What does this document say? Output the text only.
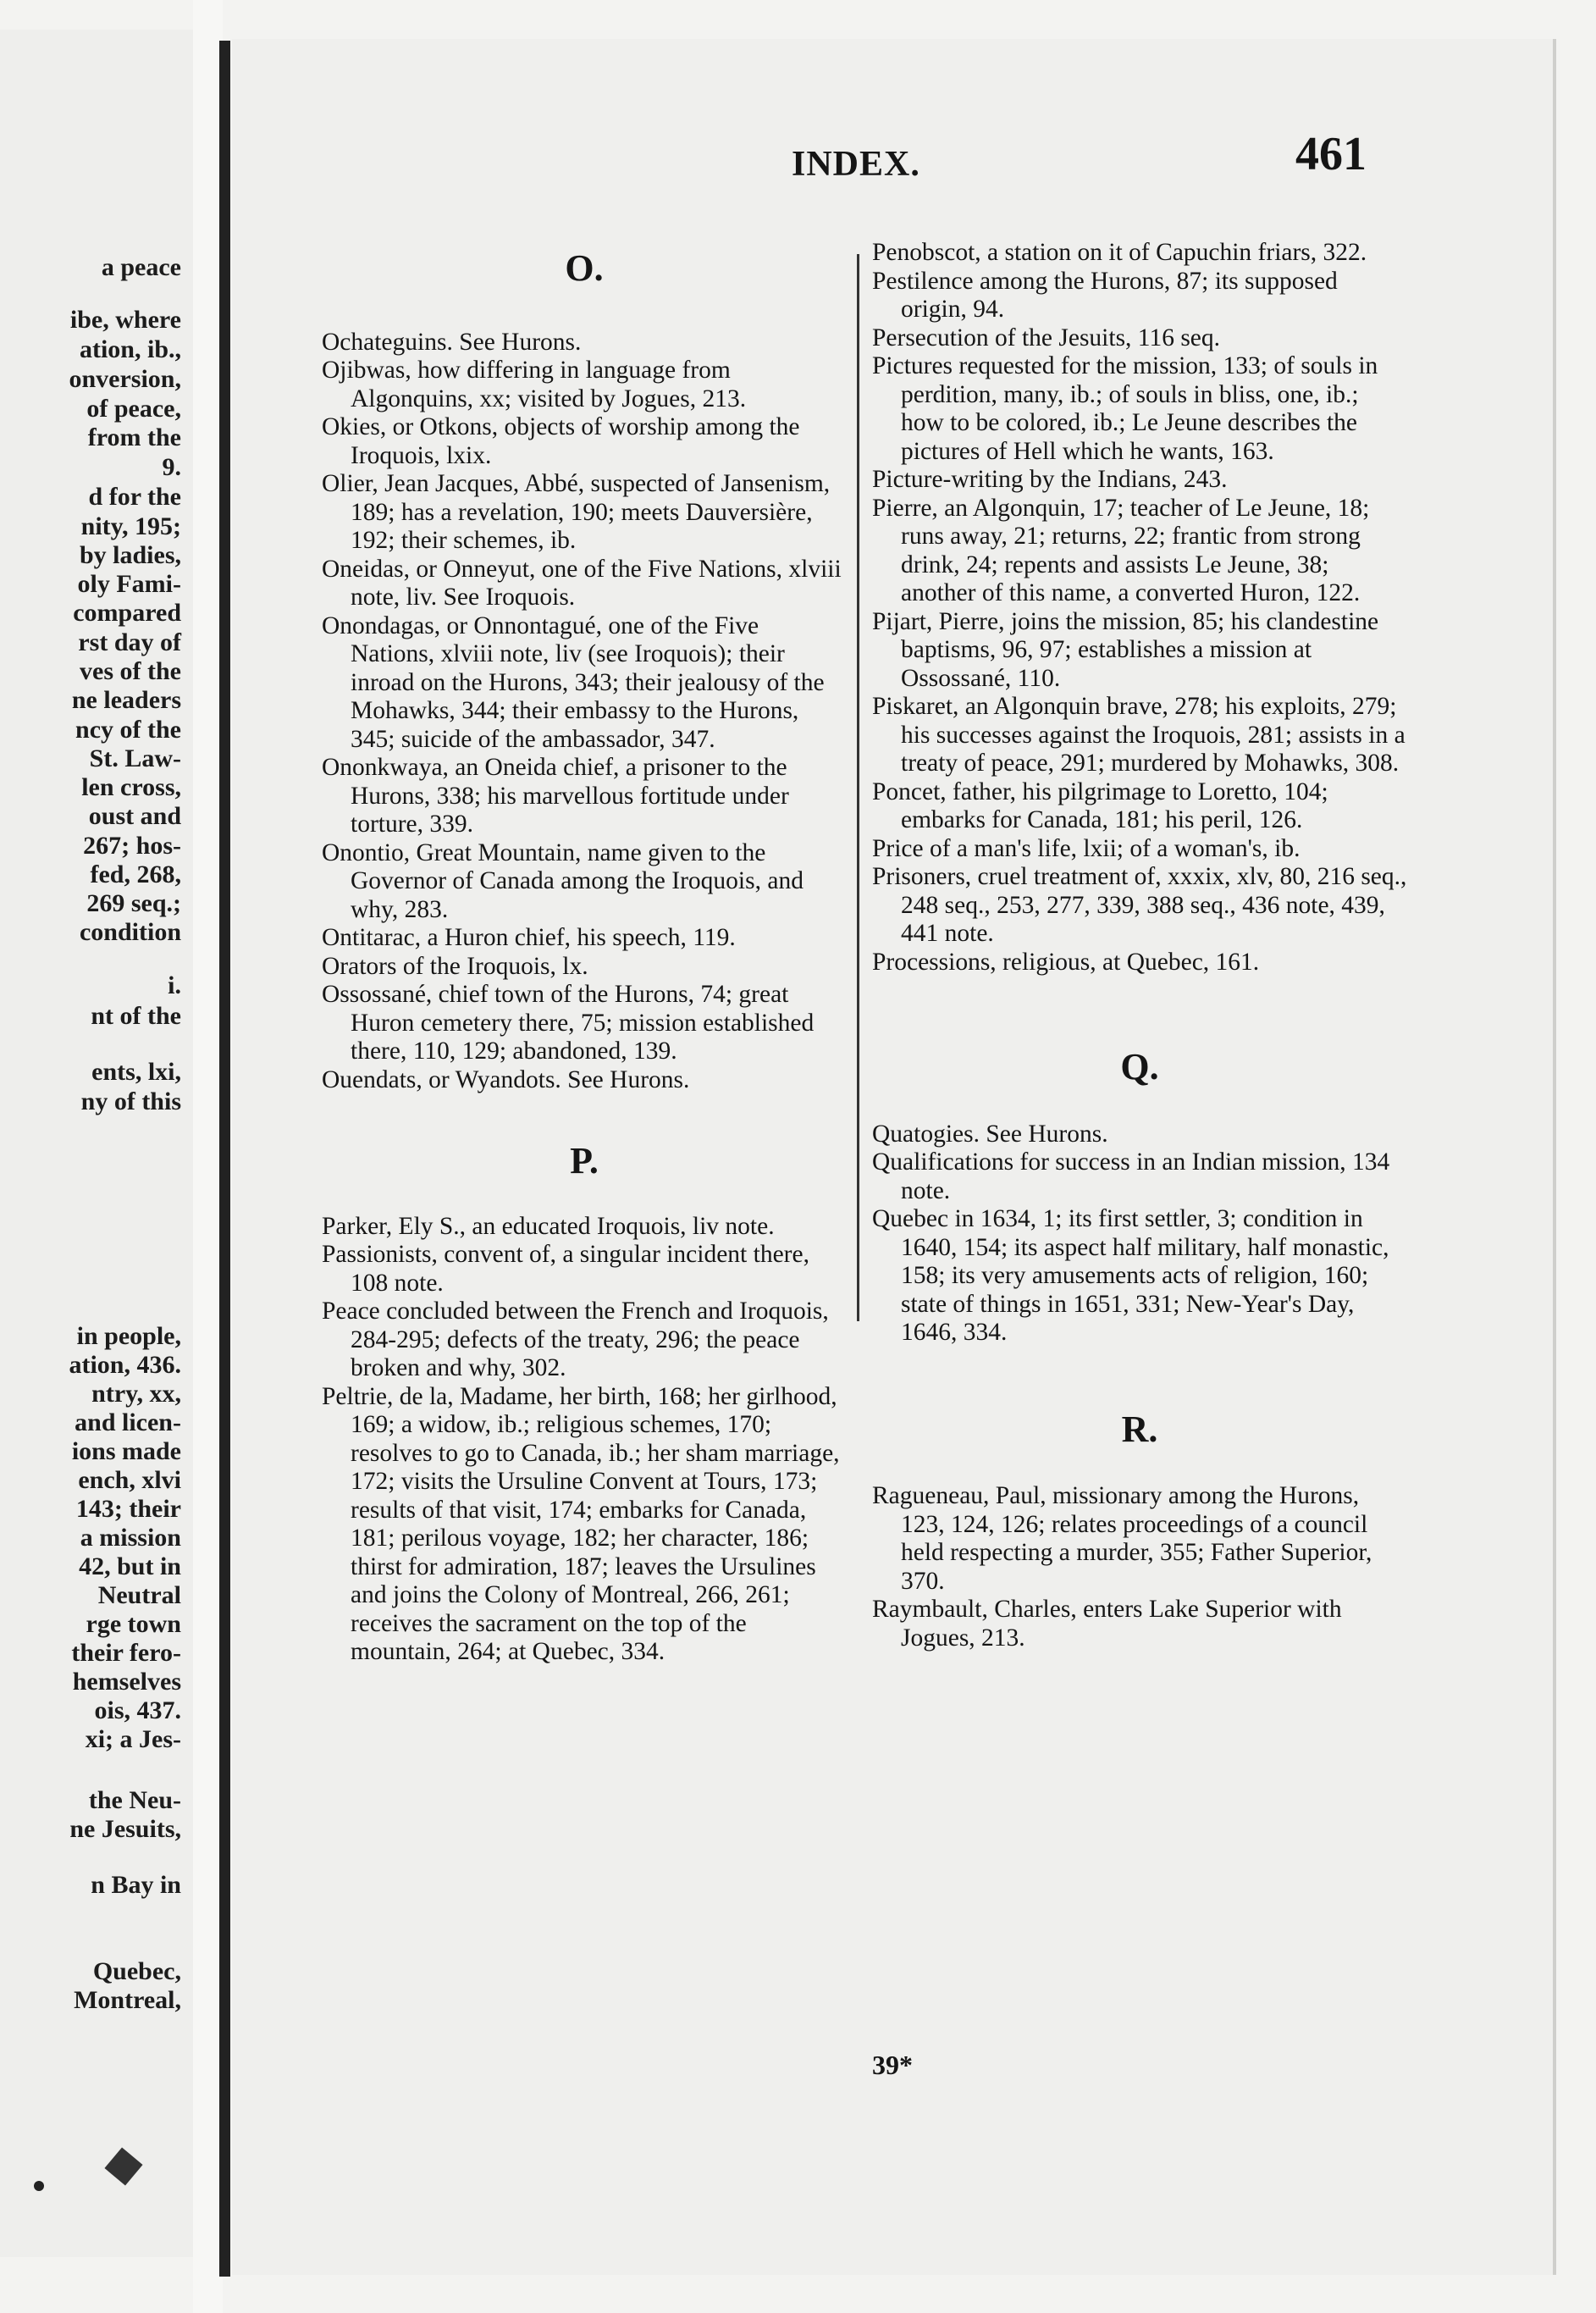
a peace
ibe, where
ation, ib.,
onversion,
of peace,
from the
9.
d for the
nity, 195;
by ladies,
oly Fami-
compared
rst day of
ves of the
ne leaders
ncy of the
St. Law-
len cross,
oust and
267; hos-
fed, 268,
269 seq.;
condition
i.
nt of the
ents, lxi,
ny of this
in people,
ation, 436.
ntry, xx,
and licen-
ions made
ench, xlvi
143; their
a mission
42, but in
Neutral
rge town
their fero-
hemselves
ois, 437.
xi; a Jes-
the Neu-
ne Jesuits,
n Bay in
Quebec,
Montreal,
INDEX.	461
O.

Ochateguins. See Hurons.

Ojibwas, how differing in language from Algonquins, xx; visited by Jogues, 213.

Okies, or Otkons, objects of worship among the Iroquois, lxix.

Olier, Jean Jacques, Abbé, suspected of Jansenism, 189; has a revelation, 190; meets Dauversière, 192; their schemes, ib.

Oneidas, or Onneyut, one of the Five Nations, xlviii note, liv. See Iroquois.

Onondagas, or Onnontagué, one of the Five Nations, xlviii note, liv (see Iroquois); their inroad on the Hurons, 343; their jealousy of the Mohawks, 344; their embassy to the Hurons, 345; suicide of the ambassador, 347.

Ononkwaya, an Oneida chief, a prisoner to the Hurons, 338; his marvellous fortitude under torture, 339.

Onontio, Great Mountain, name given to the Governor of Canada among the Iroquois, and why, 283.

Ontitarac, a Huron chief, his speech, 119.

Orators of the Iroquois, lx.

Ossossané, chief town of the Hurons, 74; great Huron cemetery there, 75; mission established there, 110, 129; abandoned, 139.

Ouendats, or Wyandots. See Hurons.

P.

Parker, Ely S., an educated Iroquois, liv note.

Passionists, convent of, a singular incident there, 108 note.

Peace concluded between the French and Iroquois, 284-295; defects of the treaty, 296; the peace broken and why, 302.

Peltrie, de la, Madame, her birth, 168; her girlhood, 169; a widow, ib.; religious schemes, 170; resolves to go to Canada, ib.; her sham marriage, 172; visits the Ursuline Convent at Tours, 173; results of that visit, 174; embarks for Canada, 181; perilous voyage, 182; her character, 186; thirst for admiration, 187; leaves the Ursulines and joins the Colony of Montreal, 266, 261; receives the sacrament on the top of the mountain, 264; at Quebec, 334.

Penobscot, a station on it of Capuchin friars, 322.

Pestilence among the Hurons, 87; its supposed origin, 94.

Persecution of the Jesuits, 116 seq.

Pictures requested for the mission, 133; of souls in perdition, many, ib.; of souls in bliss, one, ib.; how to be colored, ib.; Le Jeune describes the pictures of Hell which he wants, 163.

Picture-writing by the Indians, 243.

Pierre, an Algonquin, 17; teacher of Le Jeune, 18; runs away, 21; returns, 22; frantic from strong drink, 24; repents and assists Le Jeune, 38; another of this name, a converted Huron, 122.

Pijart, Pierre, joins the mission, 85; his clandestine baptisms, 96, 97; establishes a mission at Ossossané, 110.

Piskaret, an Algonquin brave, 278; his exploits, 279; his successes against the Iroquois, 281; assists in a treaty of peace, 291; murdered by Mohawks, 308.

Poncet, father, his pilgrimage to Loretto, 104; embarks for Canada, 181; his peril, 126.

Price of a man's life, lxii; of a woman's, ib.

Prisoners, cruel treatment of, xxxix, xlv, 80, 216 seq., 248 seq., 253, 277, 339, 388 seq., 436 note, 439, 441 note.

Processions, religious, at Quebec, 161.

Q.

Quatogies. See Hurons.

Qualifications for success in an Indian mission, 134 note.

Quebec in 1634, 1; its first settler, 3; condition in 1640, 154; its aspect half military, half monastic, 158; its very amusements acts of religion, 160; state of things in 1651, 331; New-Year's Day, 1646, 334.

R.

Ragueneau, Paul, missionary among the Hurons, 123, 124, 126; relates proceedings of a council held respecting a murder, 355; Father Superior, 370.

Raymbault, Charles, enters Lake Superior with Jogues, 213.

39*
